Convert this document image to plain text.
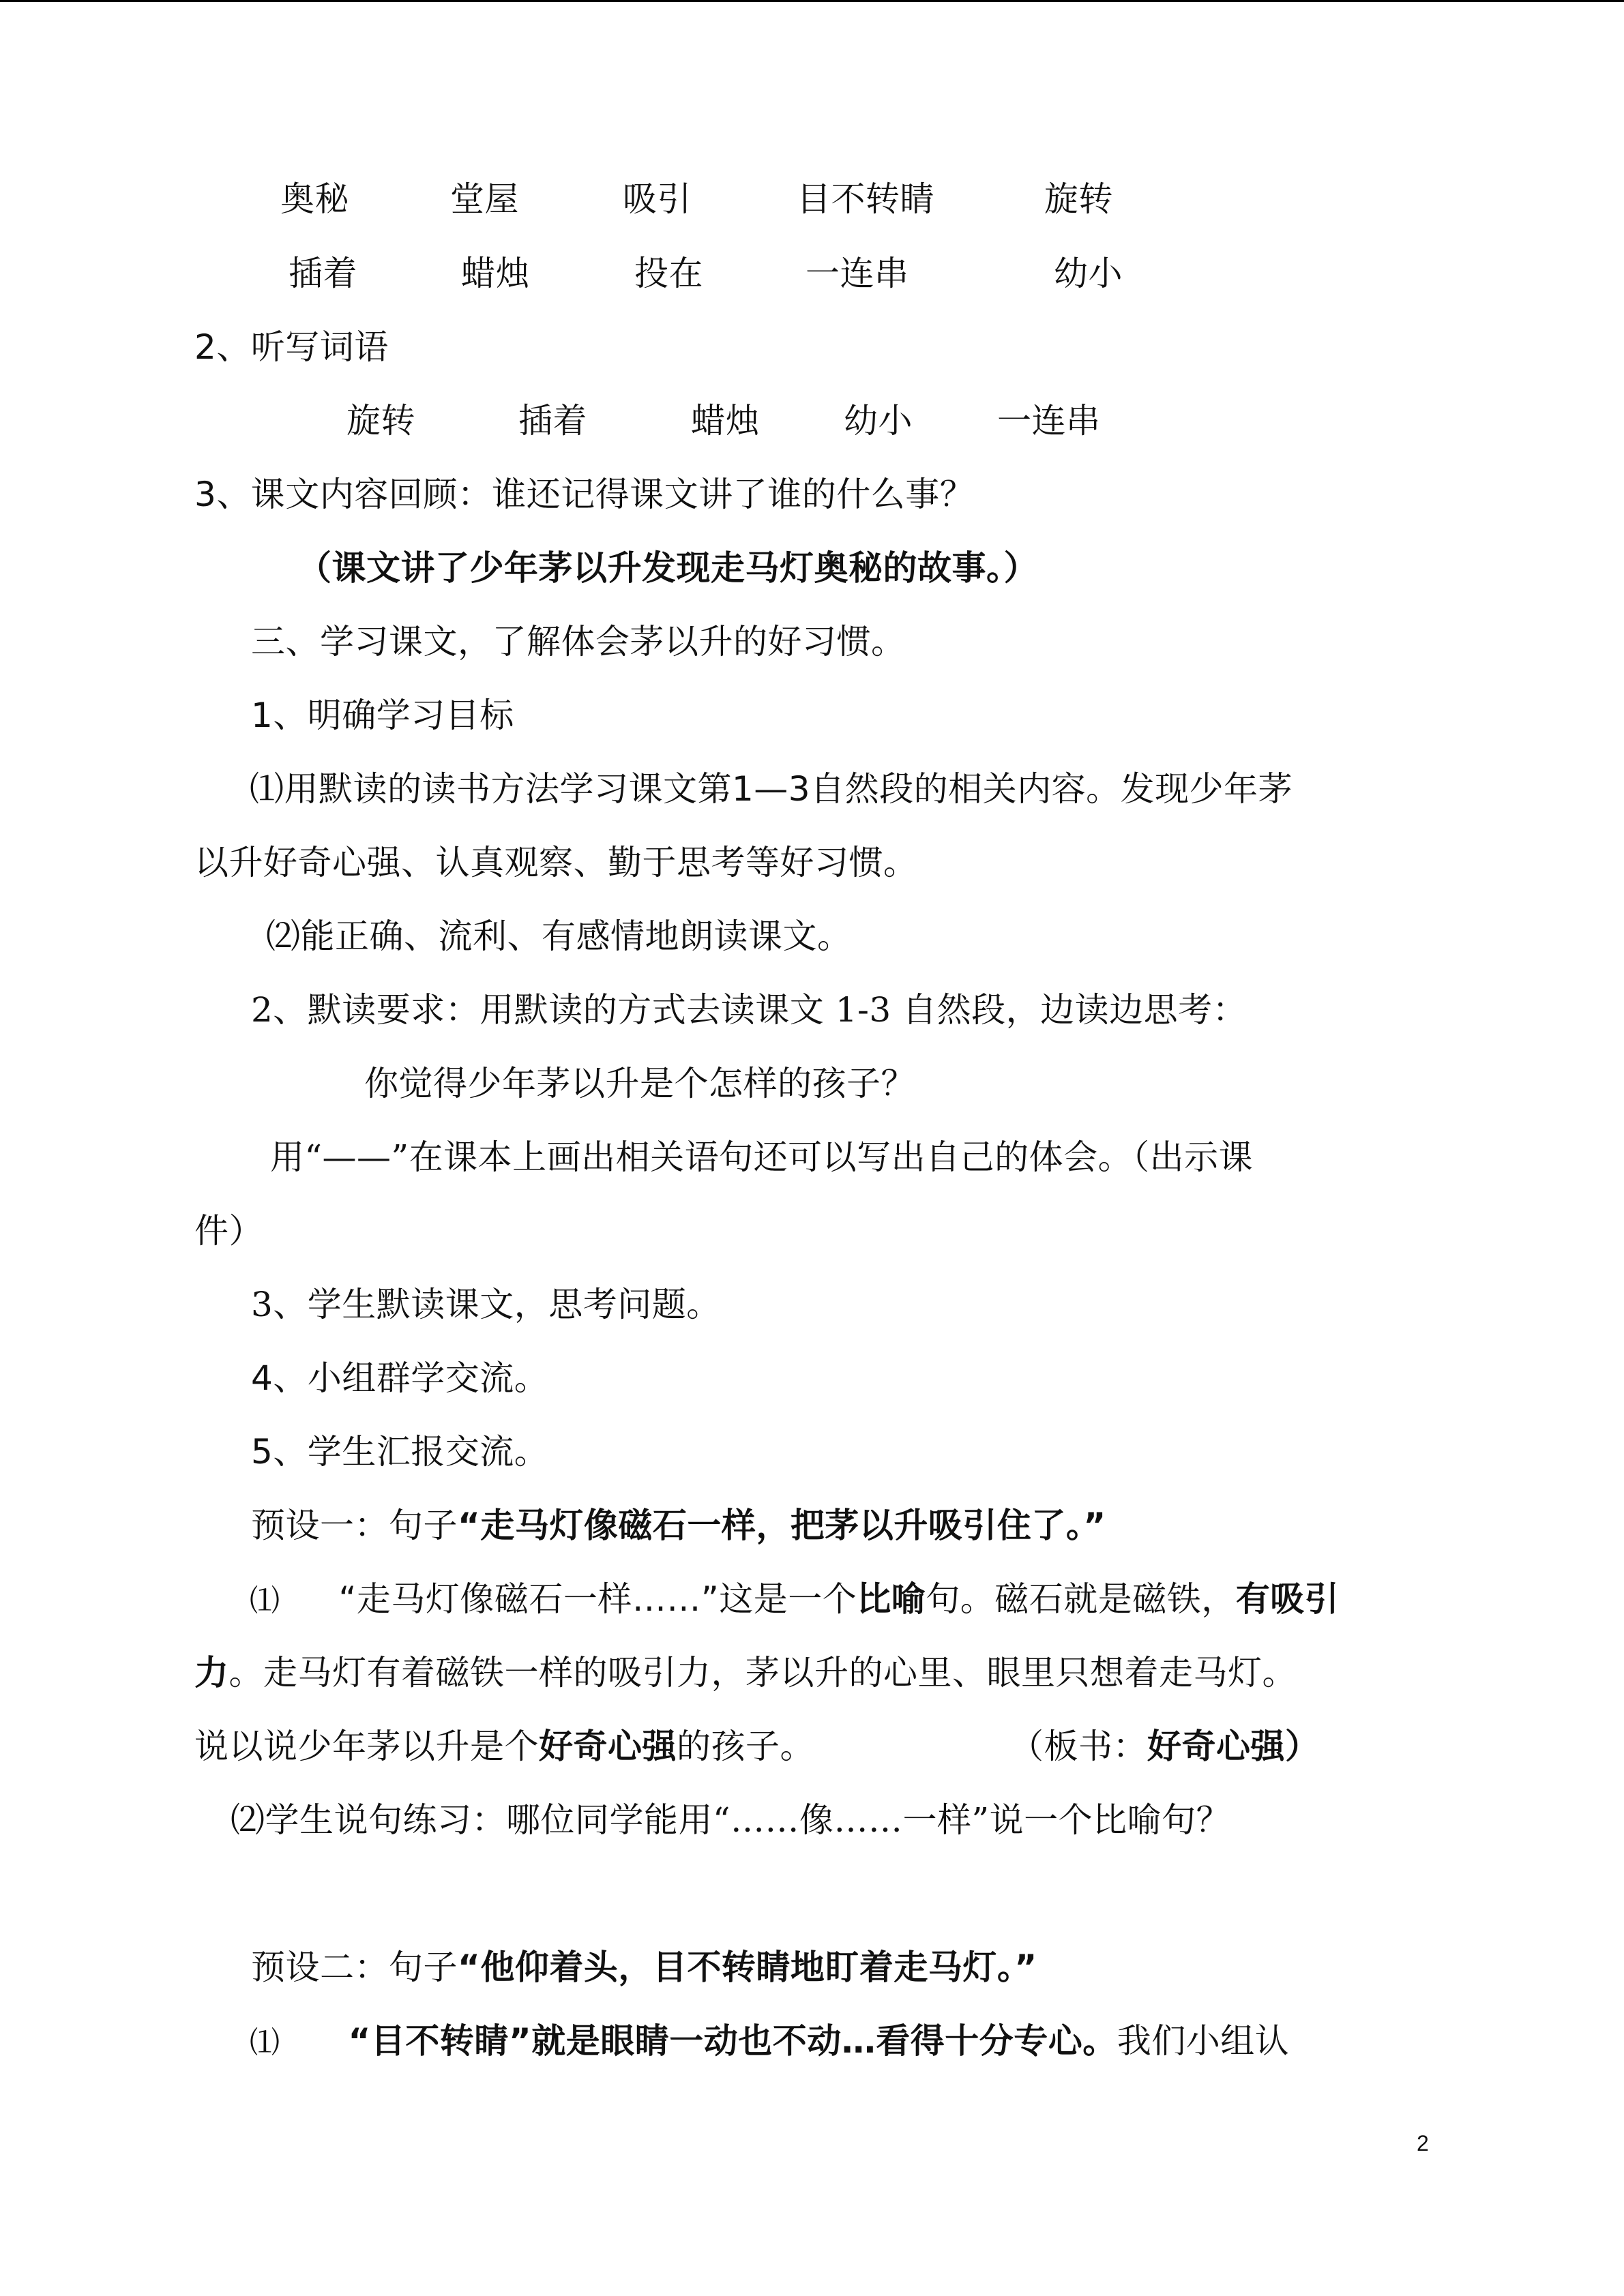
奥秘	堂屋	吸引	目不转睛	旋转
插着	蜡烛	投在	一连串	幼小
2、听写词语
旋转	插着	蜡烛 幼小 一连串
3、课文内容回顾：谁还记得课文讲了谁的什么事？
（课文讲了少年茅以升发现走马灯奥秘的故事。）
三、学习课文，了解体会茅以升的好习惯。
1、明确学习目标
⑴用默读的读书方法学习课文第1—3自然段的相关内容。发现少年茅
以升好奇心强、认真观察、勤于思考等好习惯。
⑵能正确、流利、有感情地朗读课文。
2、默读要求：用默读的方式去读课文 1-3 自然段，边读边思考：
你觉得少年茅以升是个怎样的孩子？
用“——”在课本上画出相关语句还可以写出自己的体会。（出示课
件）
3、学生默读课文，思考问题。
4、小组群学交流。
5、学生汇报交流。
预设一：句子“走马灯像磁石一样，把茅以升吸引住了。”
⑴ “走马灯像磁石一样……”这是一个比喻句。磁石就是磁铁，有吸引
力。走马灯有着磁铁一样的吸引力，茅以升的心里、眼里只想着走马灯。
说以说少年茅以升是个好奇心强的孩子。	（板书：好奇心强）
⑵学生说句练习：哪位同学能用“……像……一样”说一个比喻句？
预设二：句子“他仰着头，目不转睛地盯着走马灯。”
⑴ “目不转睛”就是眼睛一动也不动…看得十分专心。我们小组认
2
